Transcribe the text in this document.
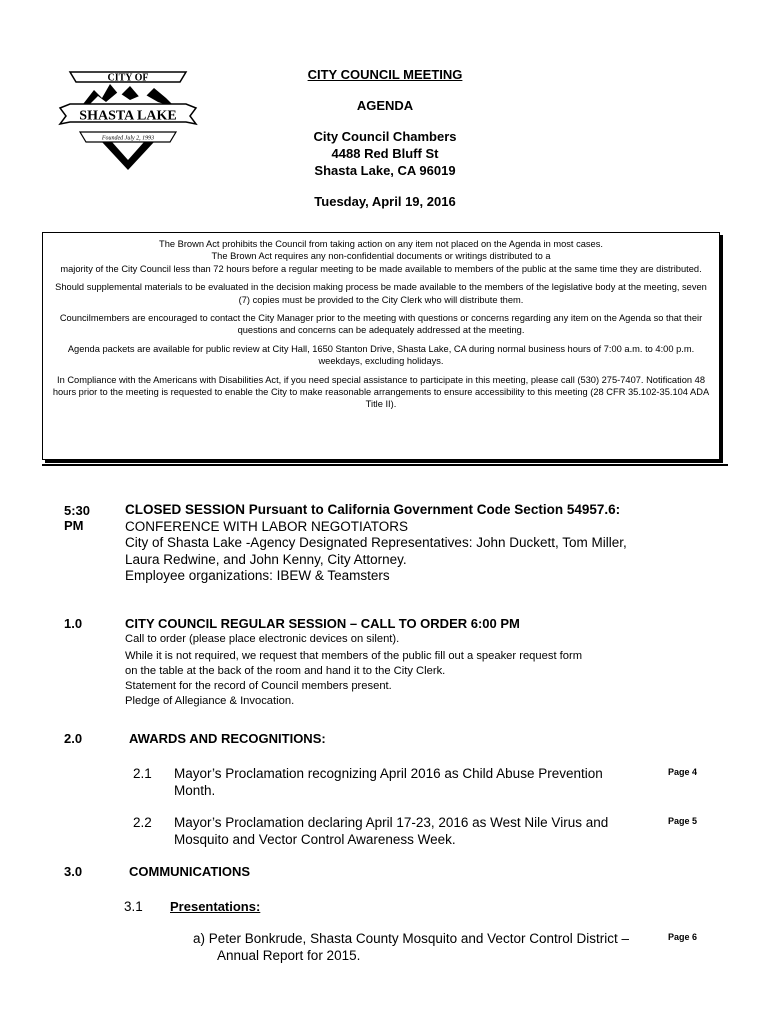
CITY OF
SHASTA LAKE
Founded July 2, 1993
CITY COUNCIL MEETING
AGENDA
City Council Chambers
4488 Red Bluff St
Shasta Lake, CA 96019
Tuesday, April 19, 2016

The Brown Act prohibits the Council from taking action on any item not placed on the Agenda in most cases.
The Brown Act requires any non-confidential documents or writings distributed to a
majority of the City Council less than 72 hours before a regular meeting to be made available to members of the public at the same time they are distributed.

Should supplemental materials to be evaluated in the decision making process be made available to the members of the legislative body at the meeting, seven (7) copies must be provided to the City Clerk who will distribute them.

Councilmembers are encouraged to contact the City Manager prior to the meeting with questions or concerns regarding any item on the Agenda so that their questions and concerns can be adequately addressed at the meeting.

Agenda packets are available for public review at City Hall, 1650 Stanton Drive, Shasta Lake, CA during normal business hours of 7:00 a.m. to 4:00 p.m. weekdays, excluding holidays.

In Compliance with the Americans with Disabilities Act, if you need special assistance to participate in this meeting, please call (530) 275-7407. Notification 48 hours prior to the meeting is requested to enable the City to make reasonable arrangements to ensure accessibility to this meeting (28 CFR 35.102-35.104 ADA Title II).

5:30
PM
CLOSED SESSION Pursuant to California Government Code Section 54957.6:
CONFERENCE WITH LABOR NEGOTIATORS
City of Shasta Lake -Agency Designated Representatives: John Duckett, Tom Miller,
Laura Redwine, and John Kenny, City Attorney.
Employee organizations: IBEW & Teamsters
1.0	CITY COUNCIL REGULAR SESSION – CALL TO ORDER 6:00 PM
Call to order (please place electronic devices on silent).
While it is not required, we request that members of the public fill out a speaker request form
on the table at the back of the room and hand it to the City Clerk.
Statement for the record of Council members present.
Pledge of Allegiance & Invocation.
2.0	AWARDS AND RECOGNITIONS:
2.1 Mayor’s Proclamation recognizing April 2016 as Child Abuse Prevention
Month.
Page 4
2.2 Mayor’s Proclamation declaring April 17-23, 2016 as West Nile Virus and
Mosquito and Vector Control Awareness Week.
Page 5
3.0	COMMUNICATIONS
3.1 Presentations:
a) Peter Bonkrude, Shasta County Mosquito and Vector Control District –
Annual Report for 2015.
Page 6
